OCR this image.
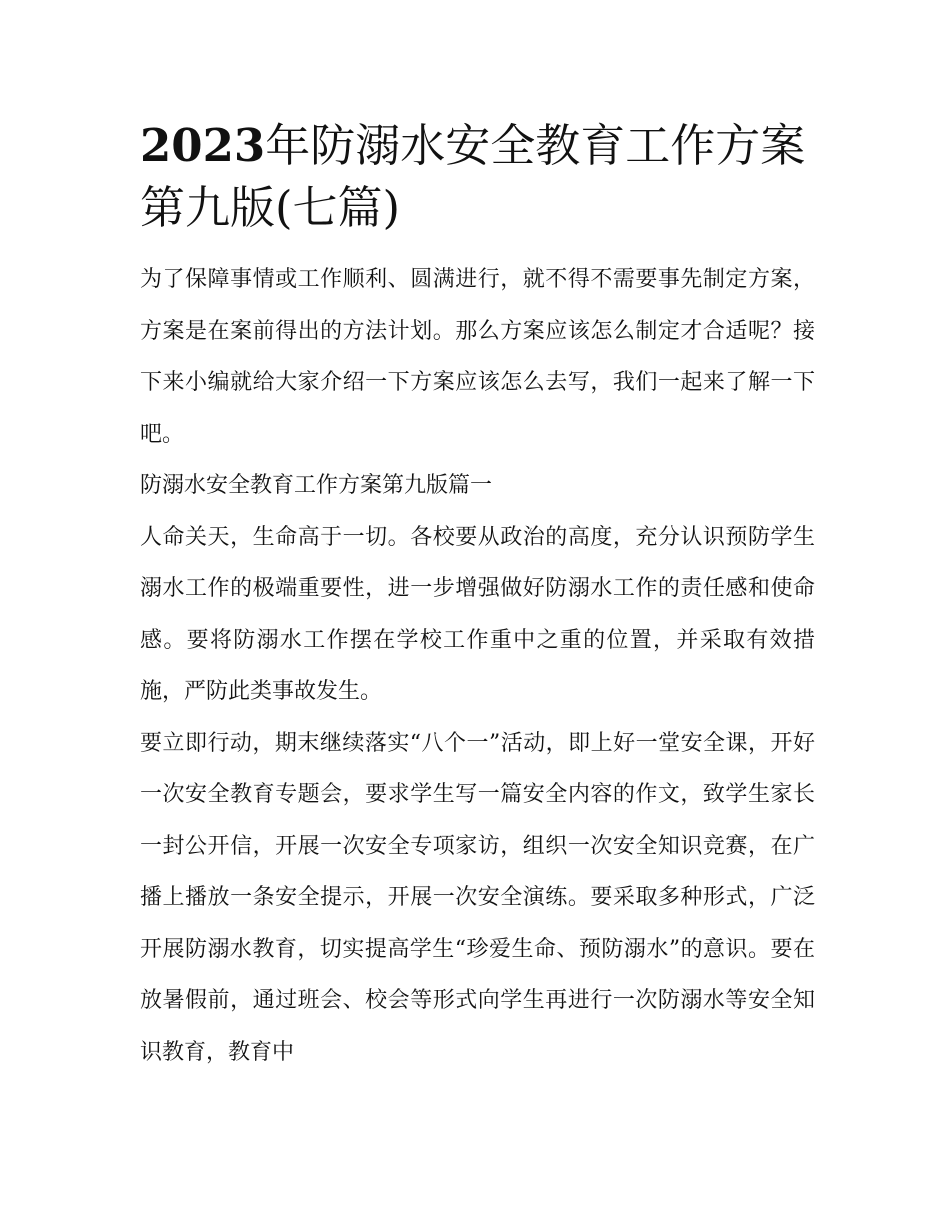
2023年防溺水安全教育工作方案第九版(七篇)

为了保障事情或工作顺利、圆满进行，就不得不需要事先制定方案，方案是在案前得出的方法计划。那么方案应该怎么制定才合适呢？接下来小编就给大家介绍一下方案应该怎么去写，我们一起来了解一下吧。

防溺水安全教育工作方案第九版篇一

人命关天，生命高于一切。各校要从政治的高度，充分认识预防学生溺水工作的极端重要性，进一步增强做好防溺水工作的责任感和使命感。要将防溺水工作摆在学校工作重中之重的位置，并采取有效措施，严防此类事故发生。

要立即行动，期末继续落实“八个一”活动，即上好一堂安全课，开好一次安全教育专题会，要求学生写一篇安全内容的作文，致学生家长一封公开信，开展一次安全专项家访，组织一次安全知识竞赛，在广播上播放一条安全提示，开展一次安全演练。要采取多种形式，广泛开展防溺水教育，切实提高学生“珍爱生命、预防溺水”的意识。要在放暑假前，通过班会、校会等形式向学生再进行一次防溺水等安全知识教育，教育中
